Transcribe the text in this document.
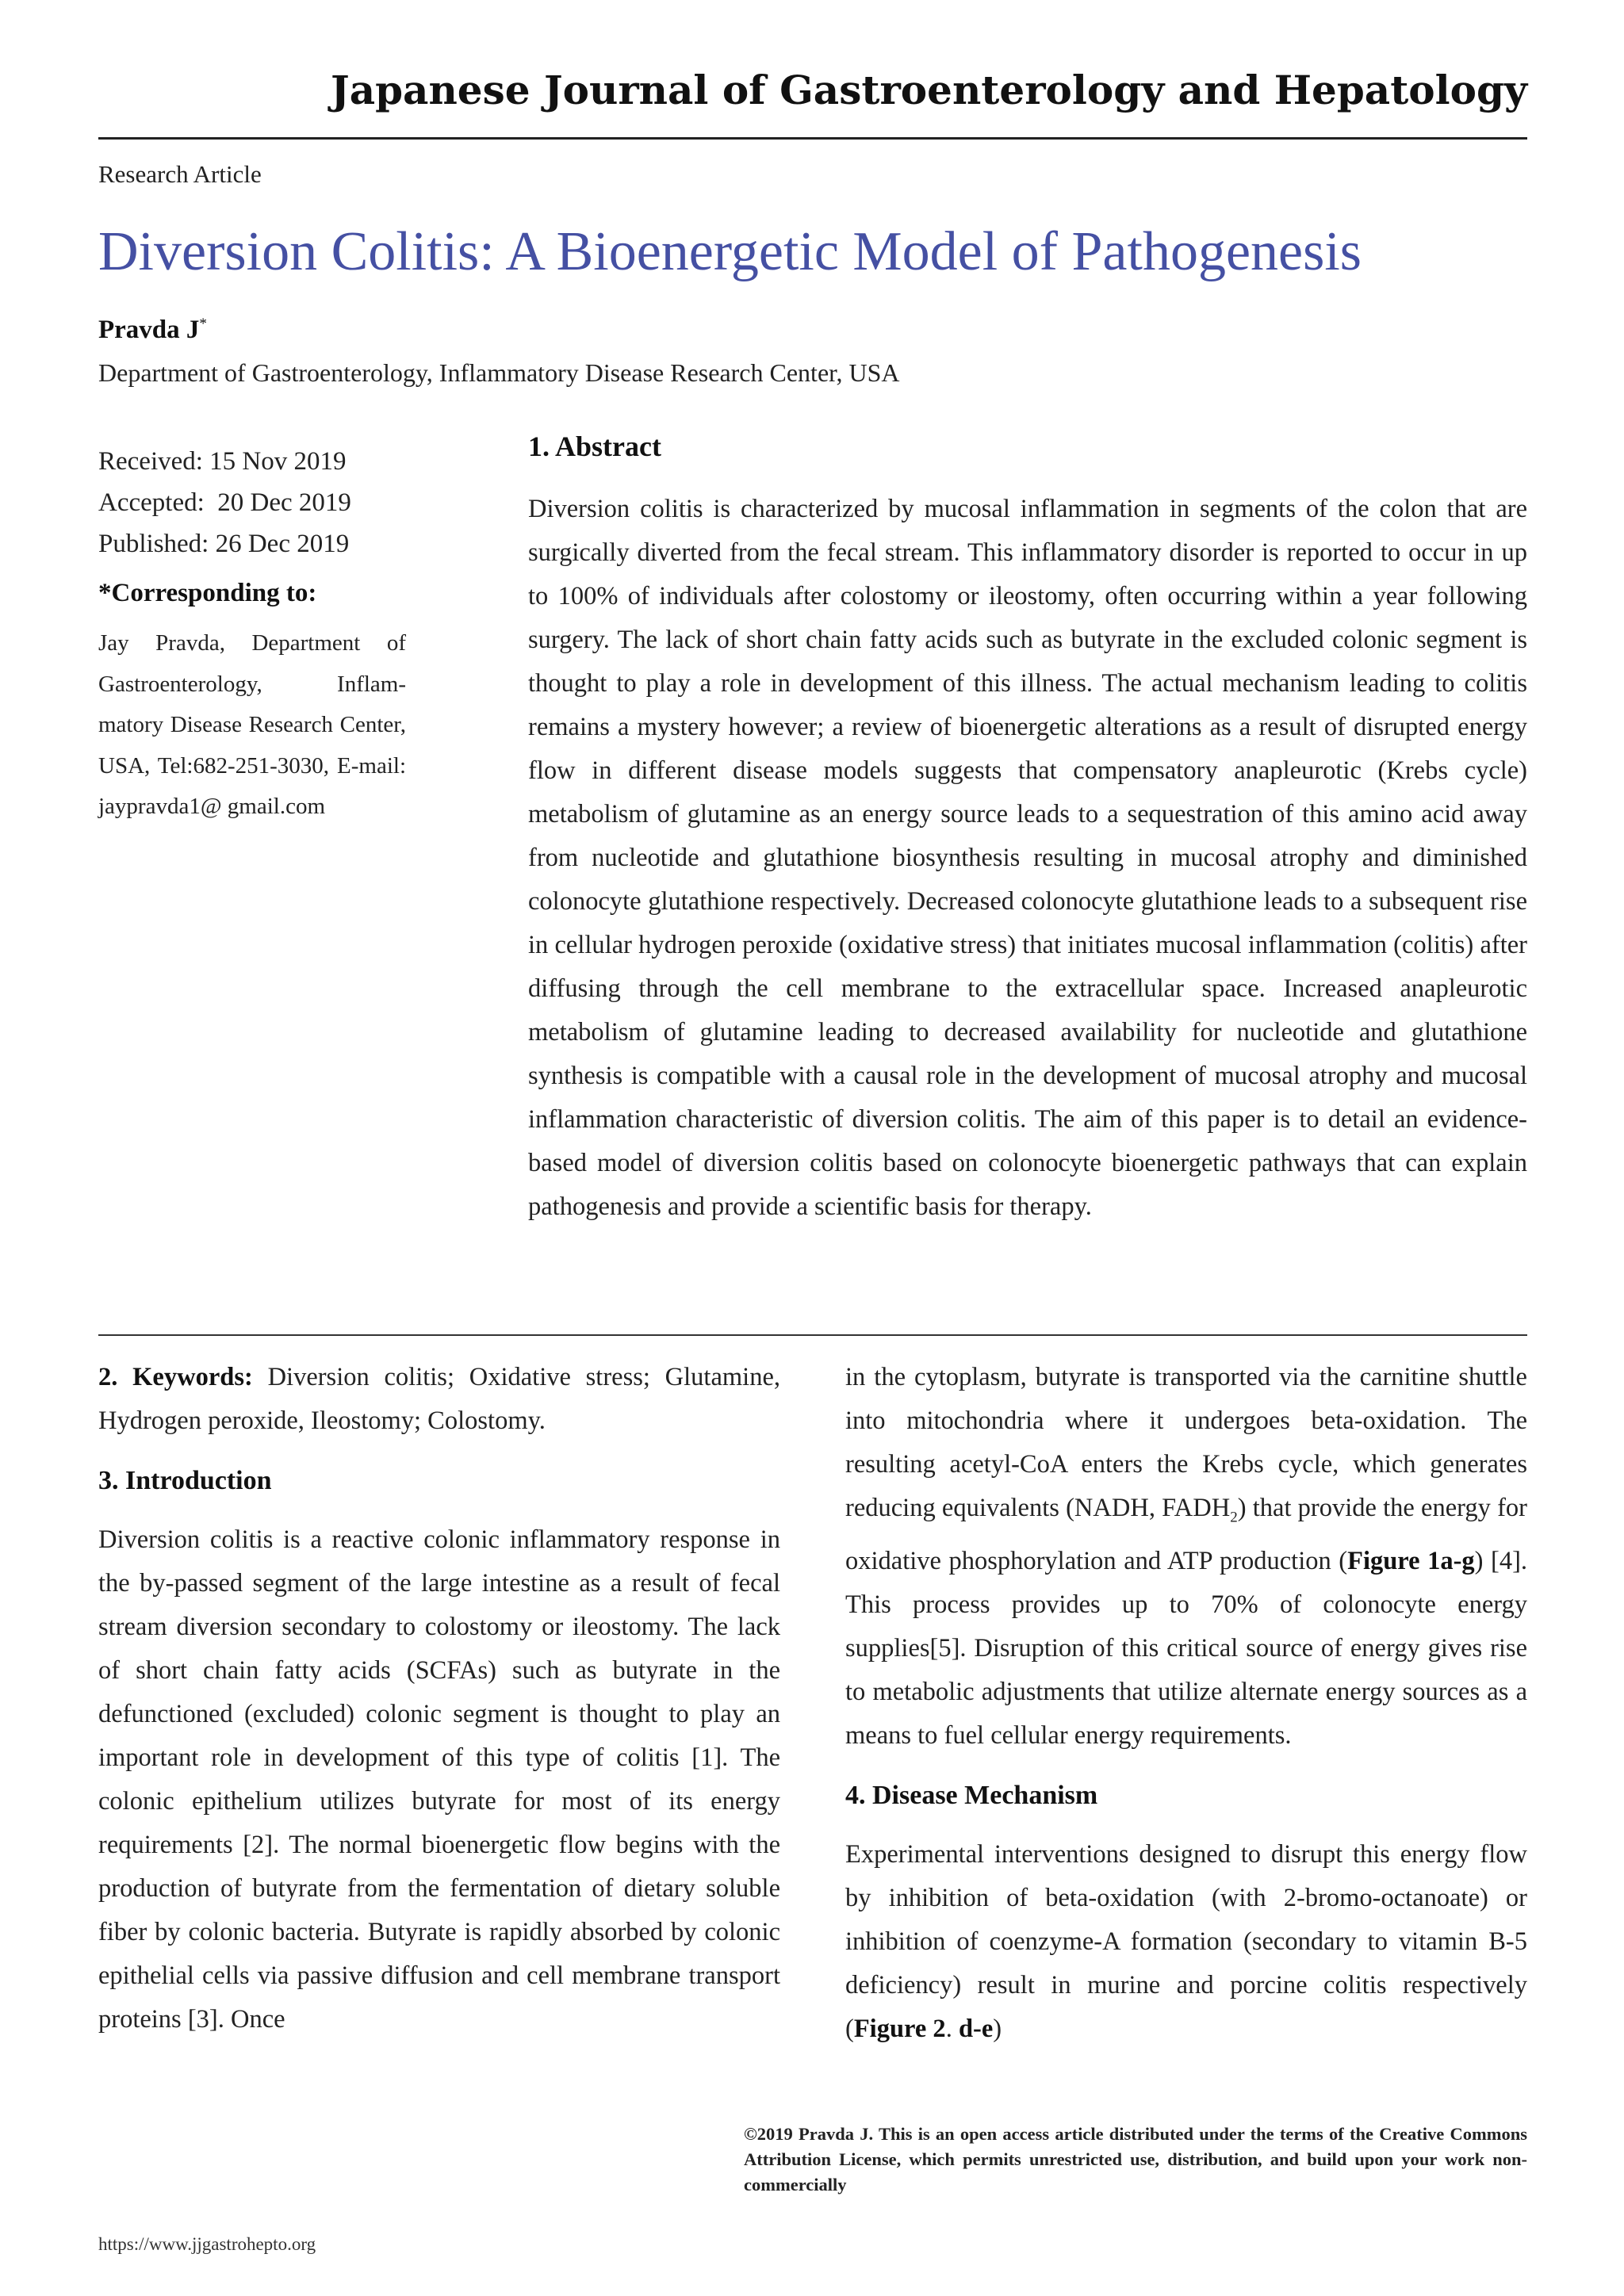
Japanese Journal of Gastroenterology and Hepatology
Research Article
Diversion Colitis: A Bioenergetic Model of Pathogenesis
Pravda J*
Department of Gastroenterology, Inflammatory Disease Research Center, USA
Received: 15 Nov 2019
Accepted:  20 Dec 2019
Published: 26 Dec 2019
*Corresponding to:
Jay Pravda, Department of Gastroenterology, Inflam- matory Disease Research Center, USA, Tel:682-251-3030, E-mail: jaypravda1@ gmail.com
1. Abstract

Diversion colitis is characterized by mucosal inflammation in segments of the colon that are surgically diverted from the fecal stream. This inflammatory disorder is reported to occur in up to 100% of individuals after colostomy or ileostomy, often occurring within a year following surgery. The lack of short chain fatty acids such as butyrate in the excluded colonic segment is thought to play a role in development of this illness. The actual mechanism leading to colitis remains a mystery however; a review of bioenergetic alterations as a result of disrupted energy flow in different disease models suggests that compensatory anapleurotic (Krebs cycle) metabolism of glutamine as an energy source leads to a sequestration of this amino acid away from nucleotide and glutathione biosynthesis resulting in mucosal atrophy and diminished colonocyte glutathione respectively. Decreased colonocyte glutathione leads to a subsequent rise in cellular hydrogen peroxide (oxidative stress) that initiates mucosal inflammation (colitis) after diffusing through the cell membrane to the extracellular space. Increased anapleurotic metabolism of glutamine leading to decreased availability for nucleotide and glutathione synthesis is compatible with a causal role in the development of mucosal atrophy and mucosal inflammation characteristic of diversion colitis. The aim of this paper is to detail an evidence-based model of diversion colitis based on colonocyte bioenergetic pathways that can explain pathogenesis and provide a scientific basis for therapy.

2. Keywords: Diversion colitis; Oxidative stress; Glutamine, Hydrogen peroxide, Ileostomy; Colostomy.

3. Introduction

Diversion colitis is a reactive colonic inflammatory response in the by-passed segment of the large intestine as a result of fecal stream diversion secondary to colostomy or ileostomy. The lack of short chain fatty acids (SCFAs) such as butyrate in the defunctioned (excluded) colonic segment is thought to play an important role in development of this type of colitis [1]. The colonic epithelium utilizes butyrate for most of its energy requirements [2]. The normal bioenergetic flow begins with the production of butyrate from the fermentation of dietary soluble fiber by colonic bacteria. Butyrate is rapidly absorbed by colonic epithelial cells via passive diffusion and cell membrane transport proteins [3]. Once

in the cytoplasm, butyrate is transported via the carnitine shuttle into mitochondria where it undergoes beta-oxidation. The resulting acetyl-CoA enters the Krebs cycle, which generates reducing equivalents (NADH, $FADH_2$) that provide the energy for oxidative phosphorylation and ATP production (Figure 1a-g) [4]. This process provides up to 70% of colonocyte energy supplies[5]. Disruption of this critical source of energy gives rise to metabolic adjustments that utilize alternate energy sources as a means to fuel cellular energy requirements.

4. Disease Mechanism

Experimental interventions designed to disrupt this energy flow by inhibition of beta-oxidation (with 2-bromo-octanoate) or inhibition of coenzyme-A formation (secondary to vitamin B-5 deficiency) result in murine and porcine colitis respectively (Figure 2. d-e)

©2019 Pravda J. This is an open access article distributed under the terms of the Creative Commons Attribution License, which permits unrestricted use, distribution, and build upon your work non-commercially

https://www.jjgastrohepto.org
